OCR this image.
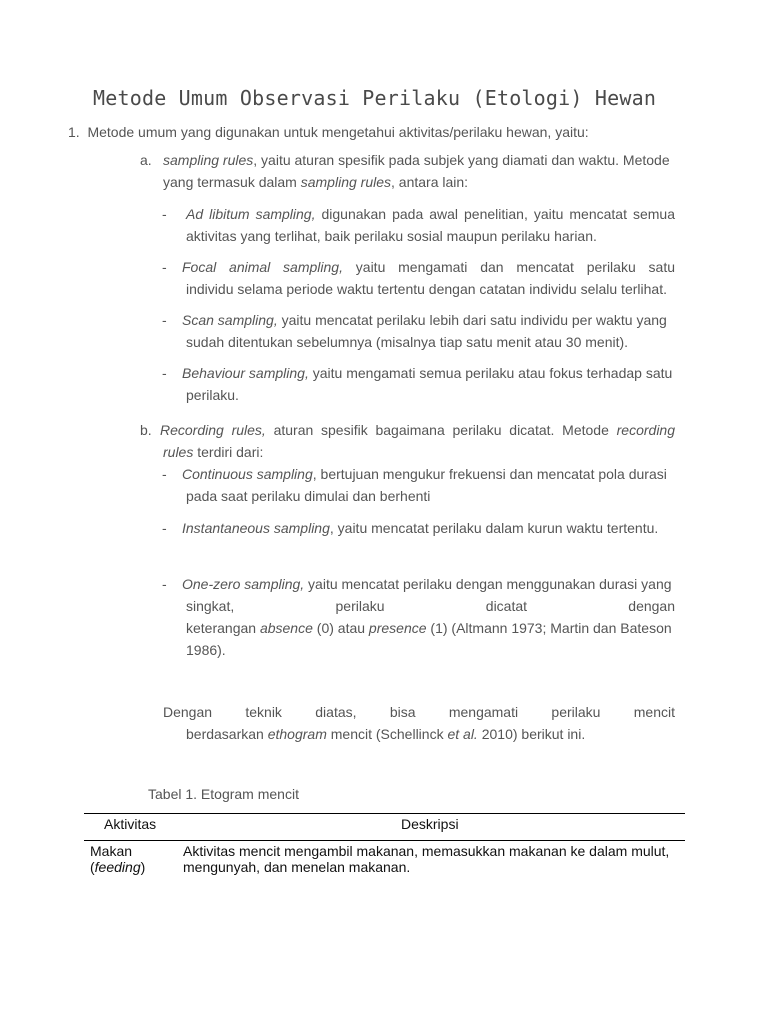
Metode Umum Observasi Perilaku (Etologi) Hewan
1. Metode umum yang digunakan untuk mengetahui aktivitas/perilaku hewan, yaitu:
a. sampling rules, yaitu aturan spesifik pada subjek yang diamati dan waktu. Metode
yang termasuk dalam sampling rules, antara lain:
- Ad libitum sampling, digunakan pada awal penelitian, yaitu mencatat semua
aktivitas yang terlihat, baik perilaku sosial maupun perilaku harian.
- Focal animal sampling, yaitu mengamati dan mencatat perilaku satu
individu selama periode waktu tertentu dengan catatan individu selalu terlihat.
- Scan sampling, yaitu mencatat perilaku lebih dari satu individu per waktu yang
sudah ditentukan sebelumnya (misalnya tiap satu menit atau 30 menit).
- Behaviour sampling, yaitu mengamati semua perilaku atau fokus terhadap satu
perilaku.
b. Recording rules, aturan spesifik bagaimana perilaku dicatat. Metode recording
rules terdiri dari:
- Continuous sampling, bertujuan mengukur frekuensi dan mencatat pola durasi
pada saat perilaku dimulai dan berhenti
- Instantaneous sampling, yaitu mencatat perilaku dalam kurun waktu tertentu.
- One-zero sampling, yaitu mencatat perilaku dengan menggunakan durasi yang
singkat,              perilaku              dicatat              dengan
keterangan absence (0) atau presence (1) (Altmann 1973; Martin dan Bateson
1986).
Dengan teknik diatas, bisa mengamati perilaku mencit
berdasarkan ethogram mencit (Schellinck et al. 2010) berikut ini.
Tabel 1. Etogram mencit
Aktivitas	Deskripsi
Makan
(feeding)
Aktivitas mencit mengambil makanan, memasukkan makanan ke dalam mulut,
mengunyah, dan menelan makanan.
